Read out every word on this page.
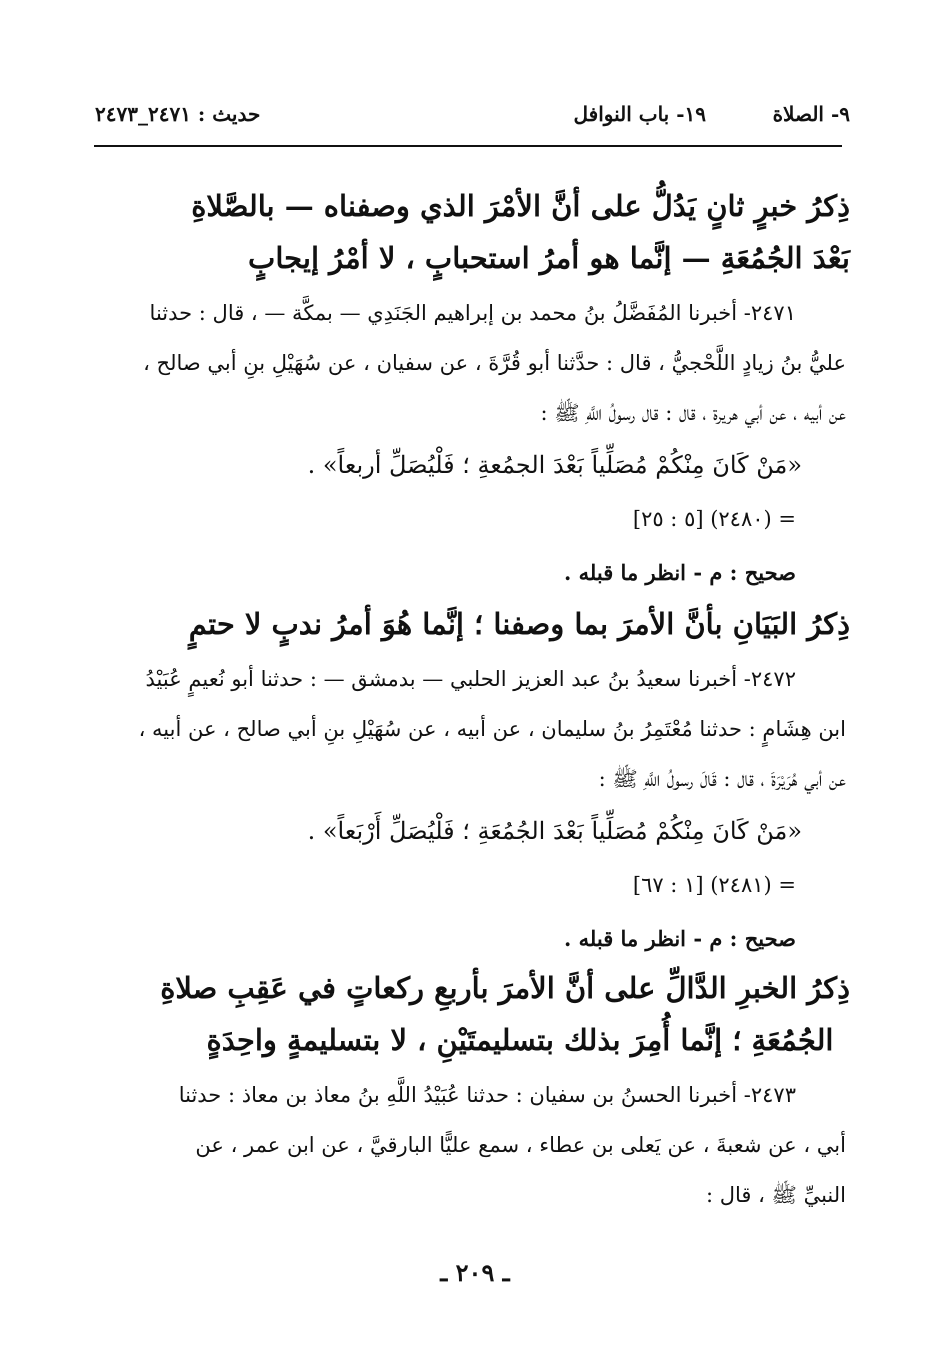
٩- الصلاة
١٩- باب النوافل
حديث : ٢٤٧١_٢٤٧٣
ذِكرُ خبرٍ ثانٍ يَدُلُّ على أنَّ الأمْرَ الذي وصفناه — بالصَّلاةِ
بَعْدَ الجُمُعَةِ — إنَّما هو أمرُ استحبابٍ ، لا أمْرُ إيجابٍ
٢٤٧١- أخبرنا المُفَضَّلُ بنُ محمد بن إبراهيم الجَنَدِي — بمكَّة — ، قال : حدثنا
عليُّ بنُ زيادٍ اللَّحْجيُّ ، قال : حدَّثنا أبو قُرَّةَ ، عن سفيان ، عن سُهَيْلِ بنِ أبي صالح ،
عن أبيه ، عن أبي هريرة ، قال : قال رسولُ اللَّهِ ﷺ :
«مَنْ كَانَ مِنْكُمْ مُصَلِّياً بَعْدَ الجمُعةِ ؛ فَلْيُصَلِّ أربعاً» .
= (٢٤٨٠) [٥ : ٢٥]
صحيح : م - انظر ما قبله .
ذِكرُ البَيَانِ بأنَّ الأمرَ بما وصفنا ؛ إنَّما هُوَ أمرُ ندبٍ لا حتمٍ
٢٤٧٢- أخبرنا سعيدُ بنُ عبد العزيز الحلبي — بدمشق — : حدثنا أبو نُعيمٍ عُبَيْدُ
ابن هِشَامٍ : حدثنا مُعْتَمِرُ بنُ سليمان ، عن أبيه ، عن سُهَيْلِ بنِ أبي صالح ، عن أبيه ،
عن أبي هُرَيْرَةَ ، قال : قَالَ رسولُ اللَّهِ ﷺ :
«مَنْ كَانَ مِنْكُمْ مُصَلِّياً بَعْدَ الجُمُعَةِ ؛ فَلْيُصَلِّ أَرْبَعاً» .
= (٢٤٨١) [١ : ٦٧]
صحيح : م - انظر ما قبله .
ذِكرُ الخبرِ الدَّالِّ على أنَّ الأمرَ بأربعِ ركعاتٍ في عَقِبِ صلاةِ
الجُمُعَةِ ؛ إنَّما أُمِرَ بذلك بتسليمتَيْنِ ، لا بتسليمةٍ واحِدَةٍ
٢٤٧٣- أخبرنا الحسنُ بن سفيان : حدثنا عُبَيْدُ اللَّهِ بنُ معاذ بن معاذ : حدثنا
أبي ، عن شعبةَ ، عن يَعلى بن عطاء ، سمع عليًّا البارقيَّ ، عن ابن عمر ، عن
النبيِّ ﷺ ، قال :
ـ ٢٠٩ ـ
